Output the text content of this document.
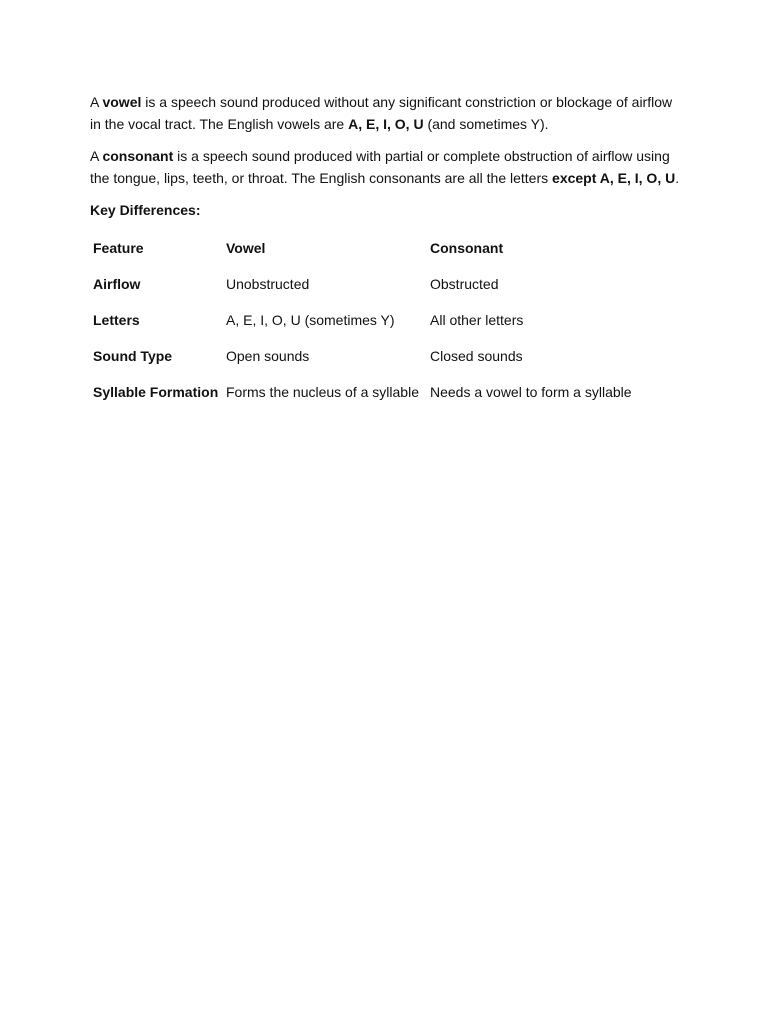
A vowel is a speech sound produced without any significant constriction or blockage of airflow in the vocal tract. The English vowels are A, E, I, O, U (and sometimes Y).

A consonant is a speech sound produced with partial or complete obstruction of airflow using the tongue, lips, teeth, or throat. The English consonants are all the letters except A, E, I, O, U.

Key Differences:
Feature	Vowel	Consonant
Airflow	Unobstructed	Obstructed
Letters	A, E, I, O, U (sometimes Y)	All other letters
Sound Type	Open sounds	Closed sounds
Syllable Formation	Forms the nucleus of a syllable	Needs a vowel to form a syllable
